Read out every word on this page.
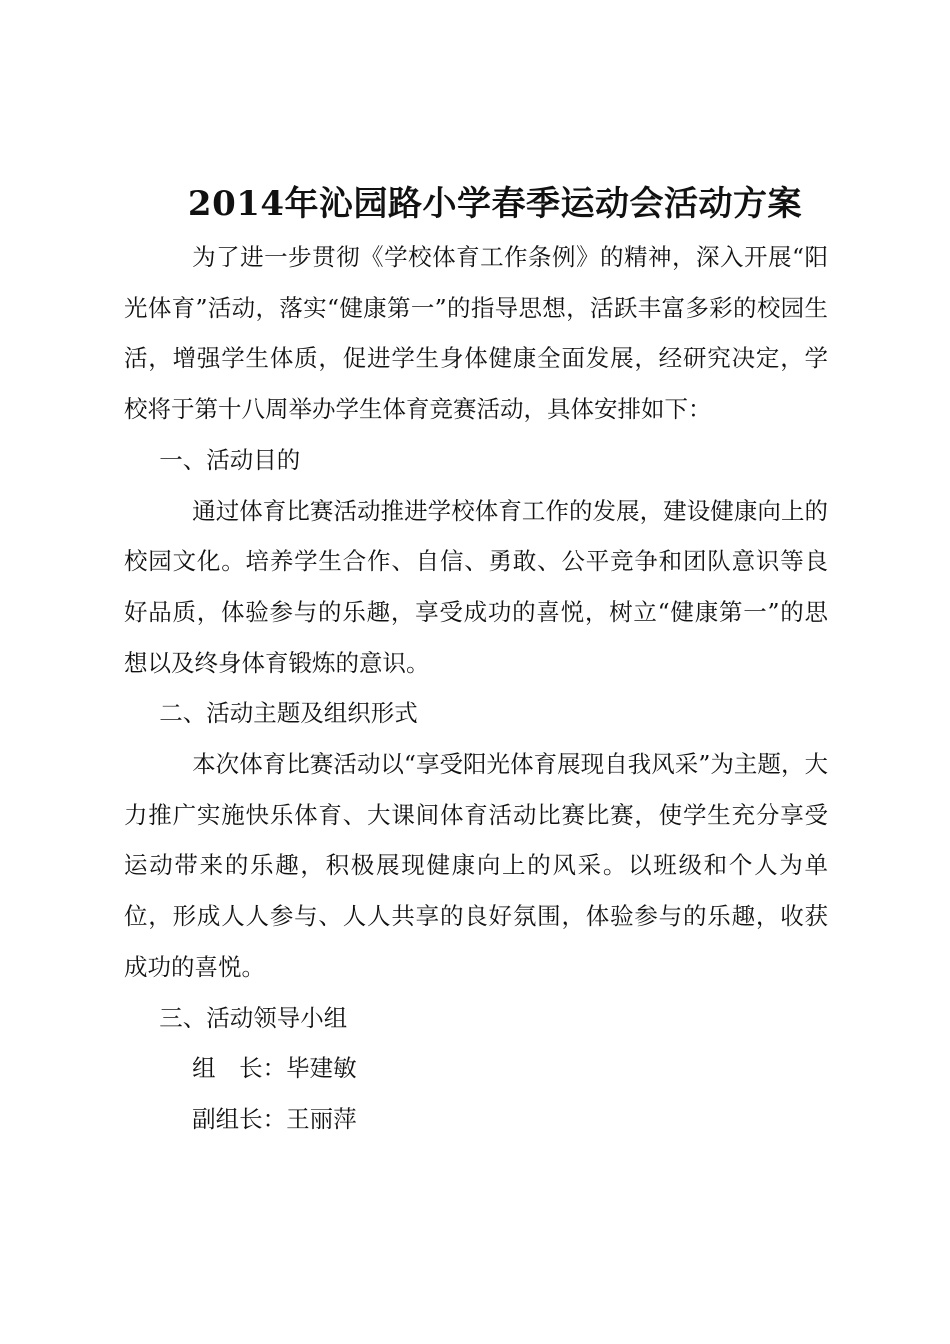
2014年沁园路小学春季运动会活动方案

为了进一步贯彻《学校体育工作条例》的精神，深入开展“阳光体育”活动，落实“健康第一”的指导思想，活跃丰富多彩的校园生活，增强学生体质，促进学生身体健康全面发展，经研究决定，学校将于第十八周举办学生体育竞赛活动，具体安排如下：

一、活动目的

通过体育比赛活动推进学校体育工作的发展，建设健康向上的校园文化。培养学生合作、自信、勇敢、公平竞争和团队意识等良好品质，体验参与的乐趣，享受成功的喜悦，树立“健康第一”的思想以及终身体育锻炼的意识。

二、活动主题及组织形式

本次体育比赛活动以“享受阳光体育展现自我风采”为主题，大力推广实施快乐体育、大课间体育活动比赛比赛，使学生充分享受运动带来的乐趣，积极展现健康向上的风采。以班级和个人为单位，形成人人参与、人人共享的良好氛围，体验参与的乐趣，收获成功的喜悦。

三、活动领导小组

组　长：毕建敏

副组长：王丽萍
